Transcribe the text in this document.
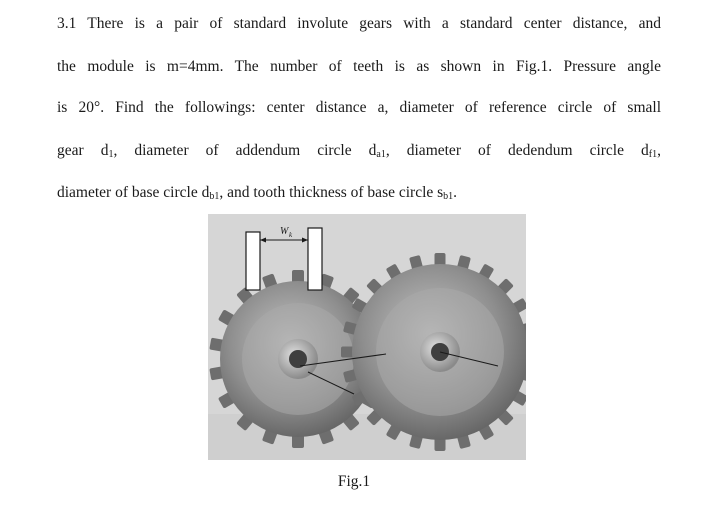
3.1 There is a pair of standard involute gears with a standard center distance, and
the module is m=4mm. The number of teeth is as shown in Fig.1. Pressure angle
is 20°. Find the followings: center distance a, diameter of reference circle of small
gear $d_1$, diameter of addendum circle $d_{a1}$, diameter of dedendum circle $d_{f1}$,
diameter of base circle $d_{b1}$, and tooth thickness of base circle $s_{b1}$.
W k
Fig.1
